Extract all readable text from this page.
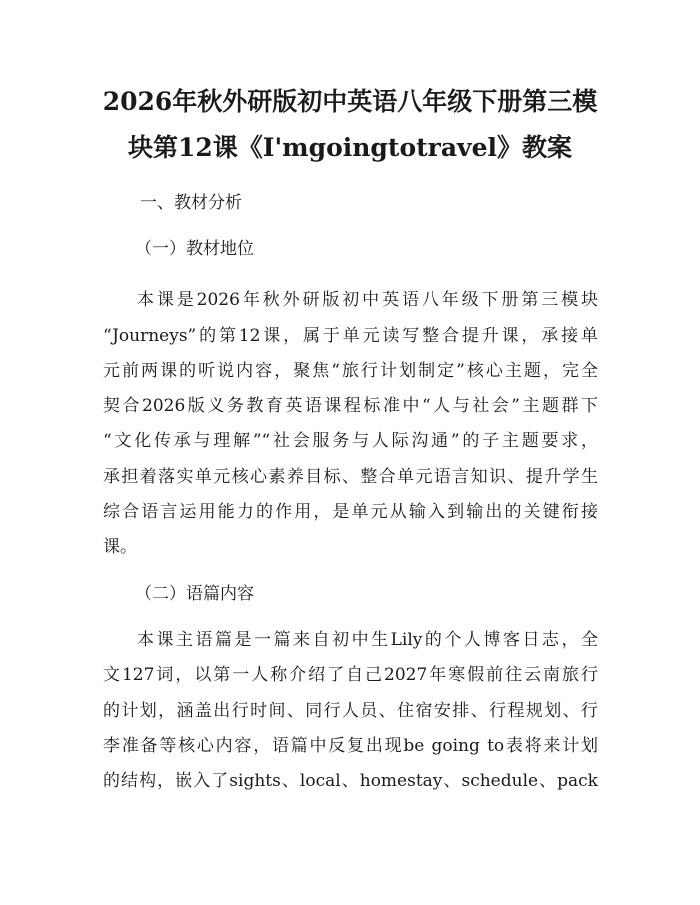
2026年秋外研版初中英语八年级下册第三模
块第12课《I'mgoingtotravel》教案
一、教材分析
（一）教材地位
本课是2026年秋外研版初中英语八年级下册第三模块
“Journeys”的第12课，属于单元读写整合提升课，承接单
元前两课的听说内容，聚焦“旅行计划制定”核心主题，完全
契合2026版义务教育英语课程标准中“人与社会”主题群下
“文化传承与理解”“社会服务与人际沟通”的子主题要求，
承担着落实单元核心素养目标、整合单元语言知识、提升学生
综合语言运用能力的作用，是单元从输入到输出的关键衔接
课。
（二）语篇内容
本课主语篇是一篇来自初中生Lily的个人博客日志，全
文127词，以第一人称介绍了自己2027年寒假前往云南旅行
的计划，涵盖出行时间、同行人员、住宿安排、行程规划、行
李准备等核心内容，语篇中反复出现be going to表将来计划
的结构，嵌入了sights、local、homestay、schedule、pack
